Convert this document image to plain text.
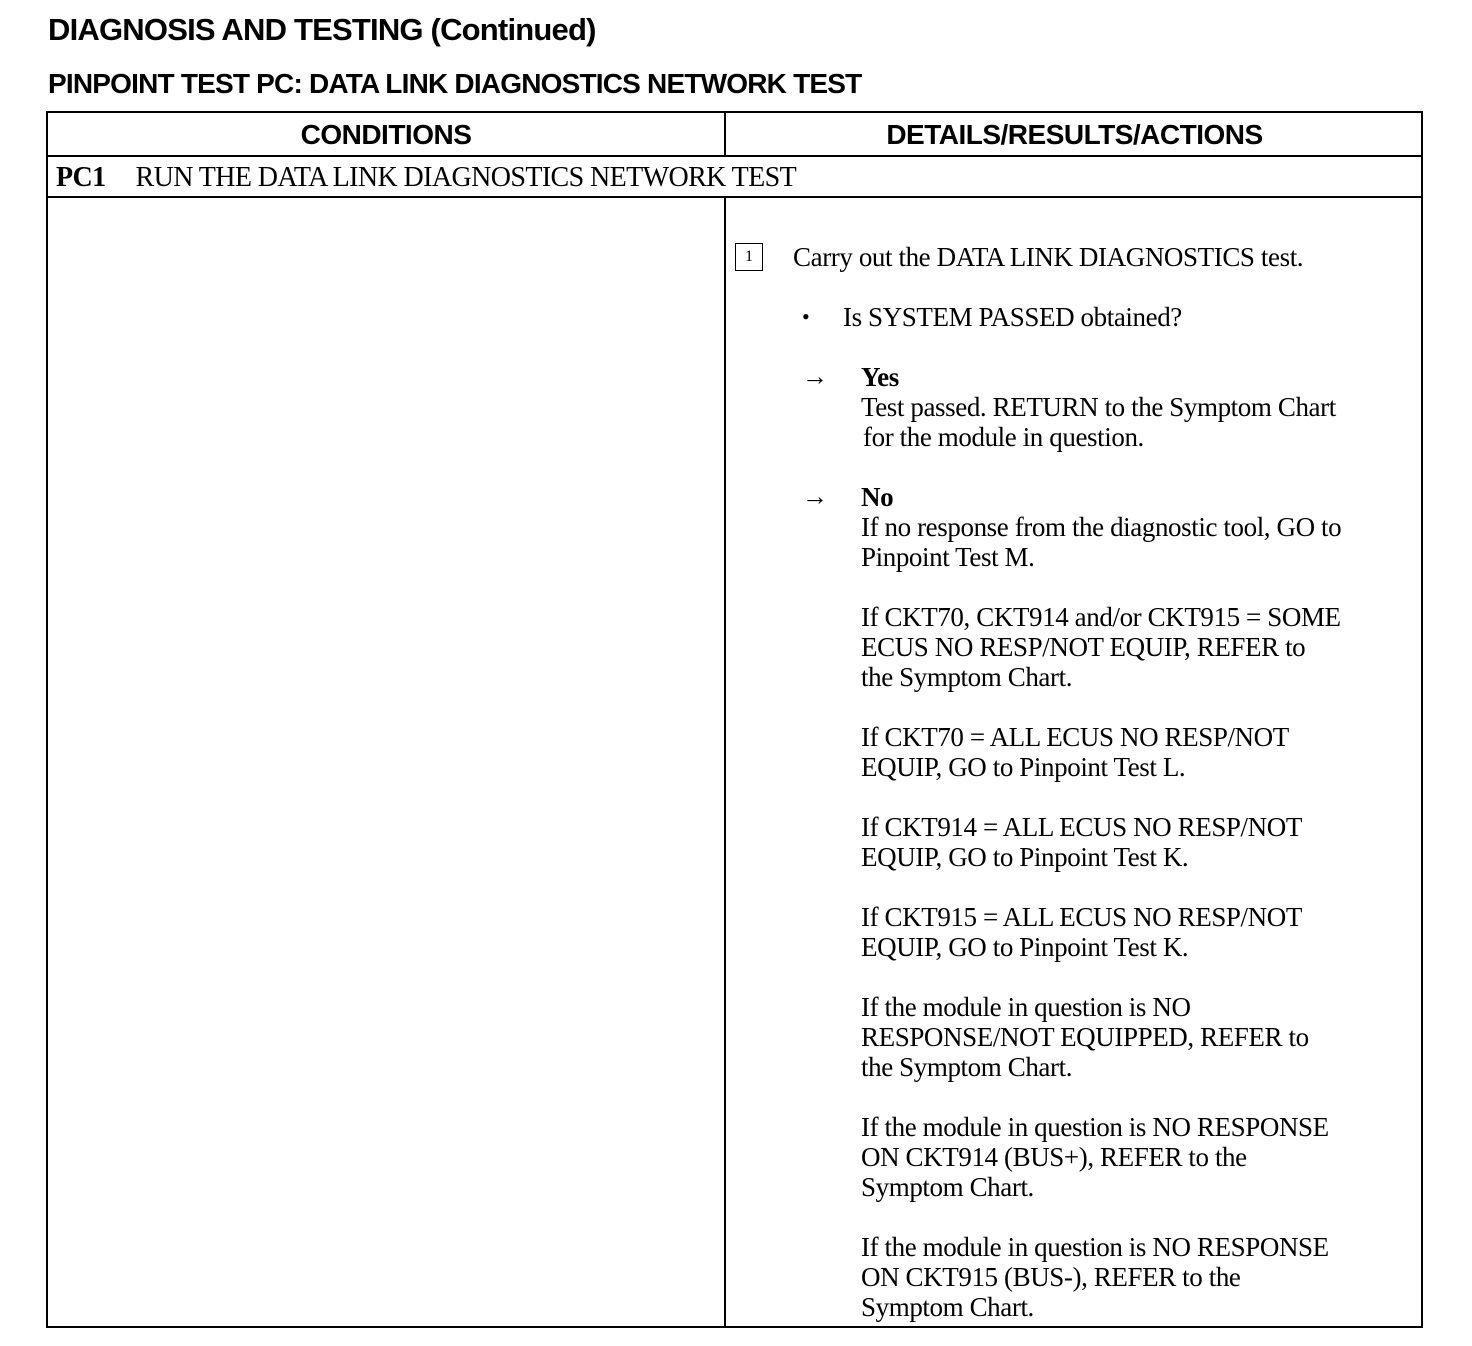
DIAGNOSIS AND TESTING (Continued)
PINPOINT TEST PC: DATA LINK DIAGNOSTICS NETWORK TEST
CONDITIONS	DETAILS/RESULTS/ACTIONS
PC1 RUN THE DATA LINK DIAGNOSTICS NETWORK TEST
1	Carry out the DATA LINK DIAGNOSTICS test.
• Is SYSTEM PASSED obtained?
→ Yes
Test passed. RETURN to the Symptom Chart
for the module in question.
→ No
If no response from the diagnostic tool, GO to
Pinpoint Test M.
If CKT70, CKT914 and/or CKT915 = SOME
ECUS NO RESP/NOT EQUIP, REFER to
the Symptom Chart.
If CKT70 = ALL ECUS NO RESP/NOT
EQUIP, GO to Pinpoint Test L.
If CKT914 = ALL ECUS NO RESP/NOT
EQUIP, GO to Pinpoint Test K.
If CKT915 = ALL ECUS NO RESP/NOT
EQUIP, GO to Pinpoint Test K.
If the module in question is NO
RESPONSE/NOT EQUIPPED, REFER to
the Symptom Chart.
If the module in question is NO RESPONSE
ON CKT914 (BUS+), REFER to the
Symptom Chart.
If the module in question is NO RESPONSE
ON CKT915 (BUS-), REFER to the
Symptom Chart.
